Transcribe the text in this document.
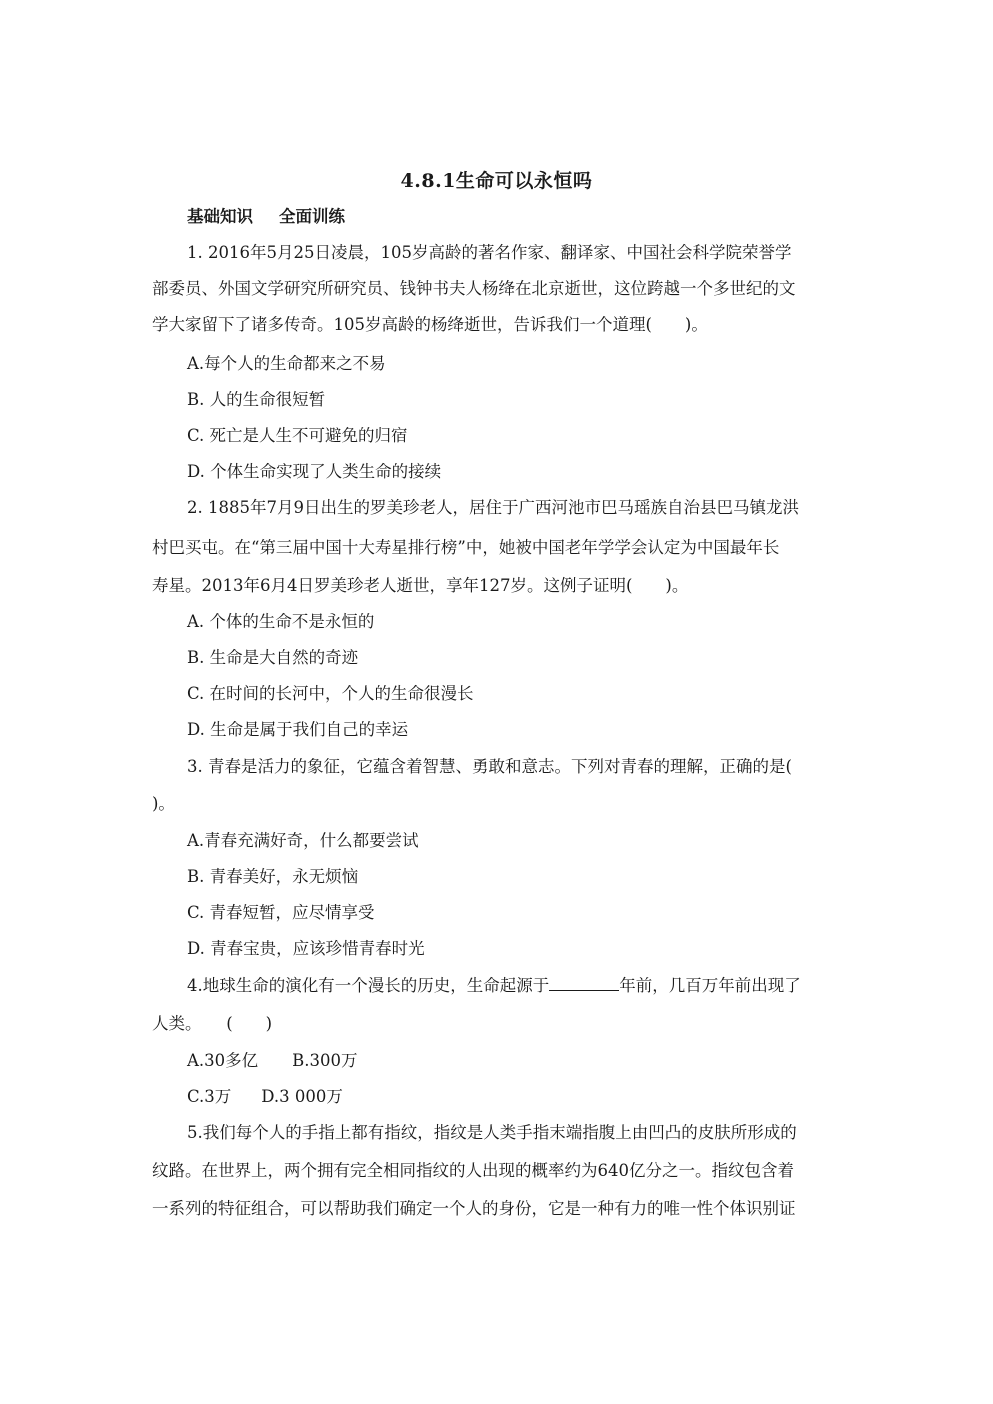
4.8.1生命可以永恒吗
基础知识 全面训练
1. 2016年5月25日凌晨，105岁高龄的著名作家、翻译家、中国社会科学院荣誉学
部委员、外国文学研究所研究员、钱钟书夫人杨绛在北京逝世，这位跨越一个多世纪的文
学大家留下了诸多传奇。105岁高龄的杨绛逝世，告诉我们一个道理(　　)。
A.每个人的生命都来之不易
B. 人的生命很短暂
C. 死亡是人生不可避免的归宿
D. 个体生命实现了人类生命的接续
2. 1885年7月9日出生的罗美珍老人，居住于广西河池市巴马瑶族自治县巴马镇龙洪
村巴买屯。在“第三届中国十大寿星排行榜”中，她被中国老年学学会认定为中国最年长
寿星。2013年6月4日罗美珍老人逝世，享年127岁。这例子证明(　　)。
A. 个体的生命不是永恒的
B. 生命是大自然的奇迹
C. 在时间的长河中，个人的生命很漫长
D. 生命是属于我们自己的幸运
3. 青春是活力的象征，它蕴含着智慧、勇敢和意志。下列对青春的理解，正确的是(
)。
A.青春充满好奇，什么都要尝试
B. 青春美好，永无烦恼
C. 青春短暂，应尽情享受
D. 青春宝贵，应该珍惜青春时光
4.地球生命的演化有一个漫长的历史，生命起源于	年前，几百万年前出现了
人类。　　(　　)
A.30多亿 B.300万
C.3万 D.3 000万
5.我们每个人的手指上都有指纹，指纹是人类手指末端指腹上由凹凸的皮肤所形成的
纹路。在世界上，两个拥有完全相同指纹的人出现的概率约为640亿分之一。指纹包含着
一系列的特征组合，可以帮助我们确定一个人的身份，它是一种有力的唯一性个体识别证
